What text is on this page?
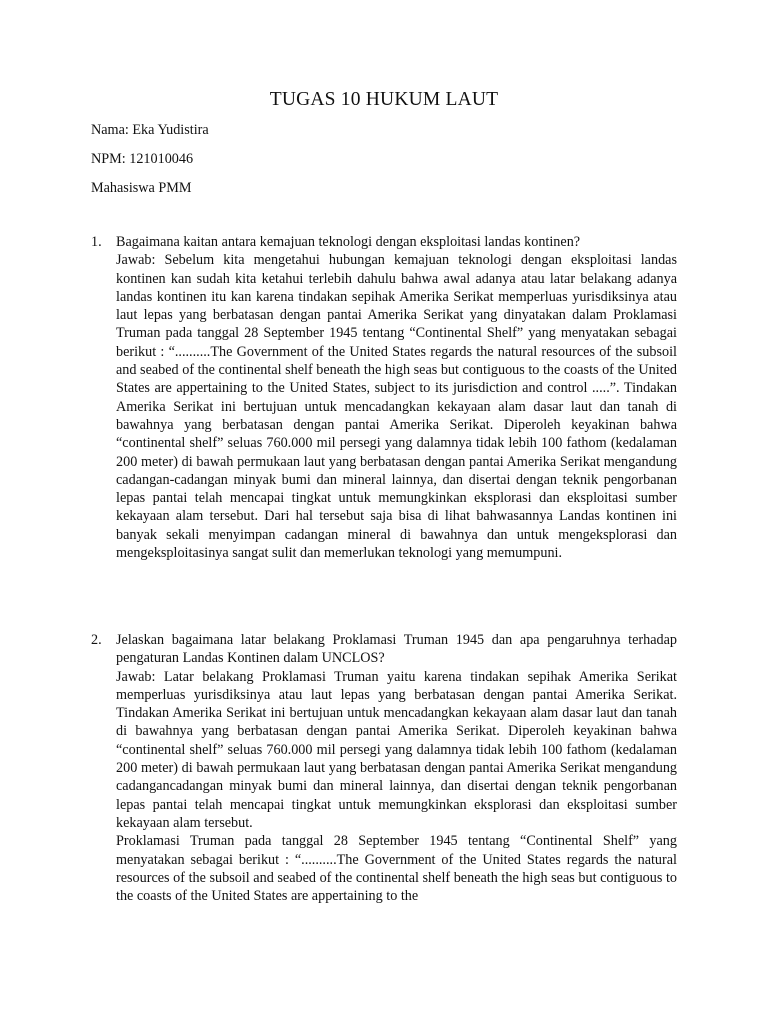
TUGAS 10 HUKUM LAUT
Nama: Eka Yudistira
NPM: 121010046
Mahasiswa PMM
1. Bagaimana kaitan antara kemajuan teknologi dengan eksploitasi landas kontinen?

Jawab: Sebelum kita mengetahui hubungan kemajuan teknologi dengan eksploitasi landas kontinen kan sudah kita ketahui terlebih dahulu bahwa awal adanya atau latar belakang adanya landas kontinen itu kan karena tindakan sepihak Amerika Serikat memperluas yurisdiksinya atau laut lepas yang berbatasan dengan pantai Amerika Serikat yang dinyatakan dalam Proklamasi Truman pada tanggal 28 September 1945 tentang “Continental Shelf” yang menyatakan sebagai berikut : “..........The Government of the United States regards the natural resources of the subsoil and seabed of the continental shelf beneath the high seas but contiguous to the coasts of the United States are appertaining to the United States, subject to its jurisdiction and control .....”. Tindakan Amerika Serikat ini bertujuan untuk mencadangkan kekayaan alam dasar laut dan tanah di bawahnya yang berbatasan dengan pantai Amerika Serikat. Diperoleh keyakinan bahwa “continental shelf” seluas 760.000 mil persegi yang dalamnya tidak lebih 100 fathom (kedalaman 200 meter) di bawah permukaan laut yang berbatasan dengan pantai Amerika Serikat mengandung cadangan-cadangan minyak bumi dan mineral lainnya, dan disertai dengan teknik pengorbanan lepas pantai telah mencapai tingkat untuk memungkinkan eksplorasi dan eksploitasi sumber kekayaan alam tersebut. Dari hal tersebut saja bisa di lihat bahwasannya Landas kontinen ini banyak sekali menyimpan cadangan mineral di bawahnya dan untuk mengeksplorasi dan mengeksploitasinya sangat sulit dan memerlukan teknologi yang memumpuni.

2. Jelaskan bagaimana latar belakang Proklamasi Truman 1945 dan apa pengaruhnya terhadap pengaturan Landas Kontinen dalam UNCLOS?

Jawab: Latar belakang Proklamasi Truman yaitu karena tindakan sepihak Amerika Serikat memperluas yurisdiksinya atau laut lepas yang berbatasan dengan pantai Amerika Serikat. Tindakan Amerika Serikat ini bertujuan untuk mencadangkan kekayaan alam dasar laut dan tanah di bawahnya yang berbatasan dengan pantai Amerika Serikat. Diperoleh keyakinan bahwa “continental shelf” seluas 760.000 mil persegi yang dalamnya tidak lebih 100 fathom (kedalaman 200 meter) di bawah permukaan laut yang berbatasan dengan pantai Amerika Serikat mengandung cadangancadangan minyak bumi dan mineral lainnya, dan disertai dengan teknik pengorbanan lepas pantai telah mencapai tingkat untuk memungkinkan eksplorasi dan eksploitasi sumber kekayaan alam tersebut.

Proklamasi Truman pada tanggal 28 September 1945 tentang “Continental Shelf” yang menyatakan sebagai berikut : “..........The Government of the United States regards the natural resources of the subsoil and seabed of the continental shelf beneath the high seas but contiguous to the coasts of the United States are appertaining to the
